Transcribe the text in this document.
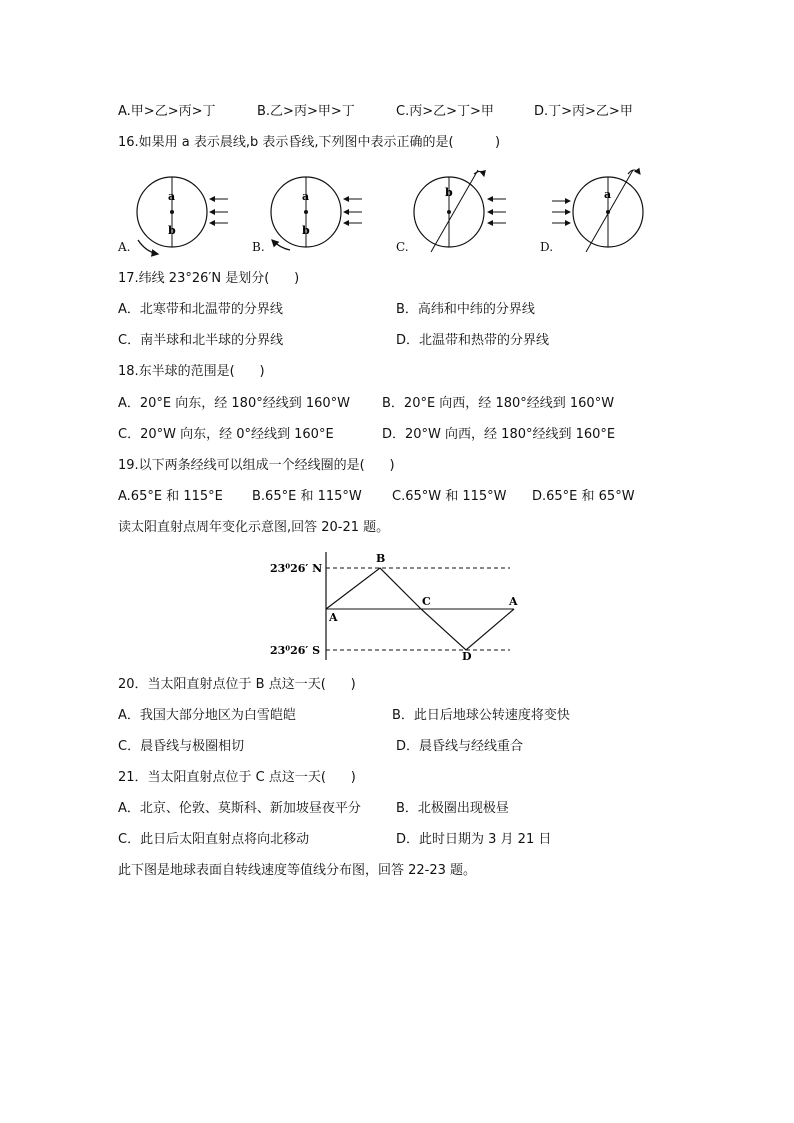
A.甲>乙>丙>丁	B.乙>丙>甲>丁	C.丙>乙>丁>甲	D.丁>丙>乙>甲
16.如果用 a 表示晨线,b 表示昏线,下列图中表示正确的是(          )
a
b
a
b
b	a
A.	B.	C.	D.
17.纬线 23°26′N 是划分(      )
A．北寒带和北温带的分界线	B．高纬和中纬的分界线
C．南半球和北半球的分界线	D．北温带和热带的分界线
18.东半球的范围是(      )
A．20°E 向东，经 180°经线到 160°W B．20°E 向西，经 180°经线到 160°W
C．20°W 向东，经 0°经线到 160°E	D．20°W 向西，经 180°经线到 160°E
19.以下两条经线可以组成一个经线圈的是(      )
A.65°E 和 115°E B.65°E 和 115°W C.65°W 和 115°W D.65°E 和 65°W
读太阳直射点周年变化示意图,回答 20-21 题。
23⁰26′ N
23⁰26′ S
B
A
C	A
D
20．当太阳直射点位于 B 点这一天(      )
A．我国大部分地区为白雪皑皑	B．此日后地球公转速度将变快
C．晨昏线与极圈相切	D．晨昏线与经线重合
21．当太阳直射点位于 C 点这一天(      )
A．北京、伦敦、莫斯科、新加坡昼夜平分	B．北极圈出现极昼
C．此日后太阳直射点将向北移动	D．此时日期为 3 月 21 日
此下图是地球表面自转线速度等值线分布图，回答 22-23 题。
